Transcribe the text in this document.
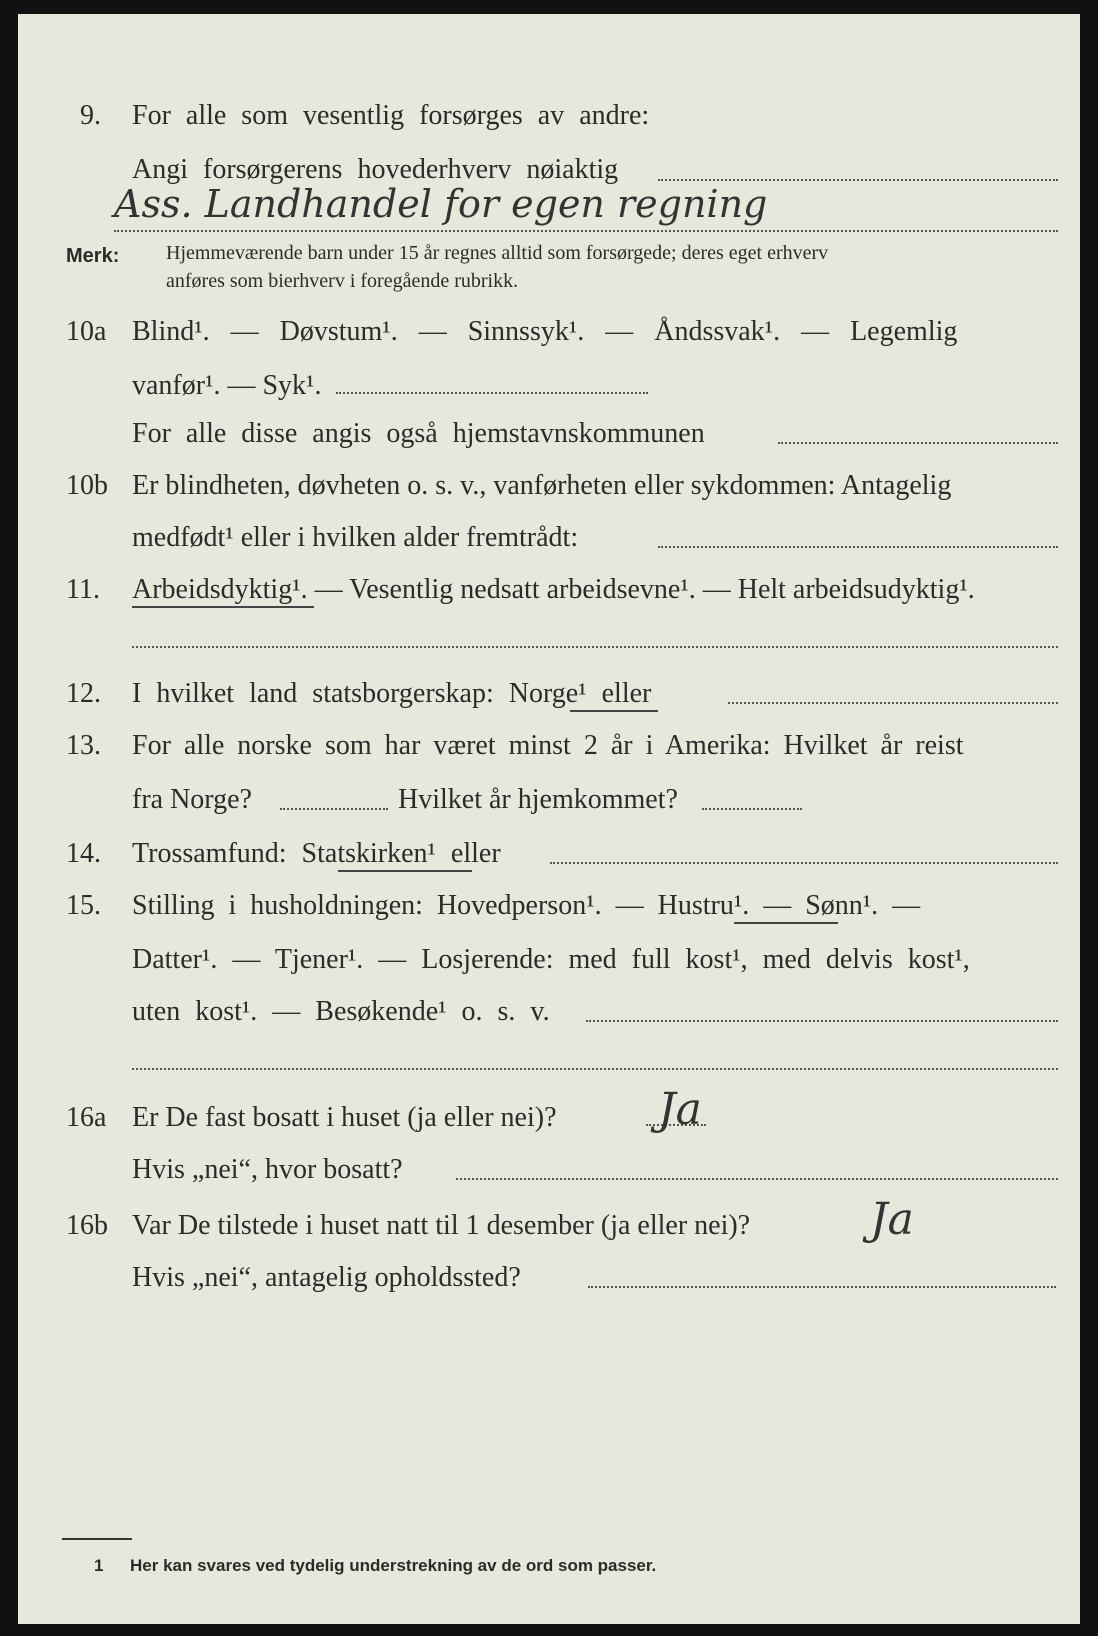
9. For alle som vesentlig forsørges av andre:
Angi forsørgerens hovederhverv nøiaktig
Ass. Landhandel for egen regning
Merk: Hjemmeværende barn under 15 år regnes alltid som forsørgede; deres eget erhverv
anføres som bierhverv i foregående rubrikk.
10a Blind¹. — Døvstum¹. — Sinnssyk¹. — Åndssvak¹. — Legemlig
vanfør¹. — Syk¹.
For alle disse angis også hjemstavnskommunen
10b Er blindheten, døvheten o. s. v., vanførheten eller sykdommen: Antagelig
medfødt¹ eller i hvilken alder fremtrådt:
11. Arbeidsdyktig¹. — Vesentlig nedsatt arbeidsevne¹. — Helt arbeidsudyktig¹.
12. I hvilket land statsborgerskap: Norge¹ eller
13. For alle norske som har været minst 2 år i Amerika: Hvilket år reist
fra Norge?	Hvilket år hjemkommet?
14. Trossamfund: Statskirken¹ eller
15. Stilling i husholdningen: Hovedperson¹. — Hustru¹. — Sønn¹. —
Datter¹. — Tjener¹. — Losjerende: med full kost¹, med delvis kost¹,
uten kost¹. — Besøkende¹ o. s. v.
16a Er De fast bosatt i huset (ja eller nei)? Ja
Hvis „nei“, hvor bosatt?
16b Var De tilstede i huset natt til 1 desember (ja eller nei)?	Ja
Hvis „nei“, antagelig opholdssted?
1 Her kan svares ved tydelig understrekning av de ord som passer.
